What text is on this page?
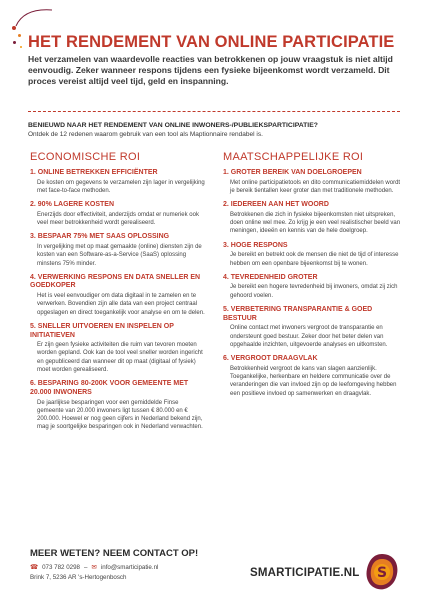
HET RENDEMENT VAN ONLINE PARTICIPATIE

Het verzamelen van waardevolle reacties van betrokkenen op jouw vraagstuk is niet altijd eenvoudig. Zeker wanneer respons tijdens een fysieke bijeenkomst wordt verzameld. Dit proces vereist altijd veel tijd, geld en inspanning.

BENIEUWD NAAR HET RENDEMENT VAN ONLINE INWONERS-/PUBLIEKSPARTICIPATIE?

Ontdek de 12 redenen waarom gebruik van een tool als Maptionnaire rendabel is.

ECONOMISCHE ROI

1. ONLINE BETREKKEN EFFICIËNTER

De kosten om gegevens te verzamelen zijn lager in vergelijking met face-to-face methoden.

2. 90% LAGERE KOSTEN

Enerzijds door effectiviteit, anderzijds omdat er numeriek ook veel meer betrokkenheid wordt gerealiseerd.

3. BESPAAR 75% MET SAAS OPLOSSING

In vergelijking met op maat gemaakte (online) diensten zijn de kosten van een Software-as-a-Service (SaaS) oplossing minstens 75% minder.

4. VERWERKING RESPONS EN DATA SNELLER EN GOEDKOPER

Het is veel eenvoudiger om data digitaal in te zamelen en te verwerken. Bovendien zijn alle data van een project centraal opgeslagen en direct toegankelijk voor analyse en om te delen.

5. SNELLER UITVOEREN EN INSPELEN OP INITIATIEVEN

Er zijn geen fysieke activiteiten die ruim van tevoren moeten worden gepland. Ook kan de tool veel sneller worden ingericht en gepubliceerd dan wanneer dit op maat (digitaal of fysiek) moet worden gerealiseerd.

6. BESPARING 80-200K VOOR GEMEENTE MET 20.000 INWONERS

De jaarlijkse besparingen voor een gemiddelde Finse gemeente van 20.000 inwoners ligt tussen € 80.000 en € 200.000. Hoewel er nog geen cijfers in Nederland bekend zijn, mag je soortgelijke besparingen ook in Nederland verwachten.

MAATSCHAPPELIJKE ROI

1. GROTER BEREIK VAN DOELGROEPEN

Met online participatietools en dito communicatiemiddelen wordt je bereik tientallen keer groter dan met traditionele methoden.

2. IEDEREEN AAN HET WOORD

Betrokkenen die zich in fysieke bijeenkomsten niet uitspreken, doen online wel mee. Zo krijg je een veel realistischer beeld van meningen, ideeën en kennis van de hele doelgroep.

3. HOGE RESPONS

Je bereikt en betrekt ook de mensen die niet de tijd of interesse hebben om een openbare bijeenkomst bij te wonen.

4. TEVREDENHEID GROTER

Je bereikt een hogere tevredenheid bij inwoners, omdat zij zich gehoord voelen.

5. VERBETERING TRANSPARANTIE & GOED BESTUUR

Online contact met inwoners vergroot de transparantie en ondersteunt goed bestuur. Zeker door het beter delen van opgehaalde inzichten, uitgevoerde analyses en uitkomsten.

6. VERGROOT DRAAGVLAK

Betrokkenheid vergroot de kans van slagen aanzienlijk. Toegankelijke, herkenbare en heldere communicatie over de veranderingen die van invloed zijn op de leefomgeving hebben een positieve invloed op samenwerken en draagvlak.

MEER WETEN? NEEM CONTACT OP!

☎ 073 782 0298 – ✉ info@smarticipatie.nl
Brink 7, 5236 AR 's-Hertogenbosch	SMARTICIPATIE.NL S
